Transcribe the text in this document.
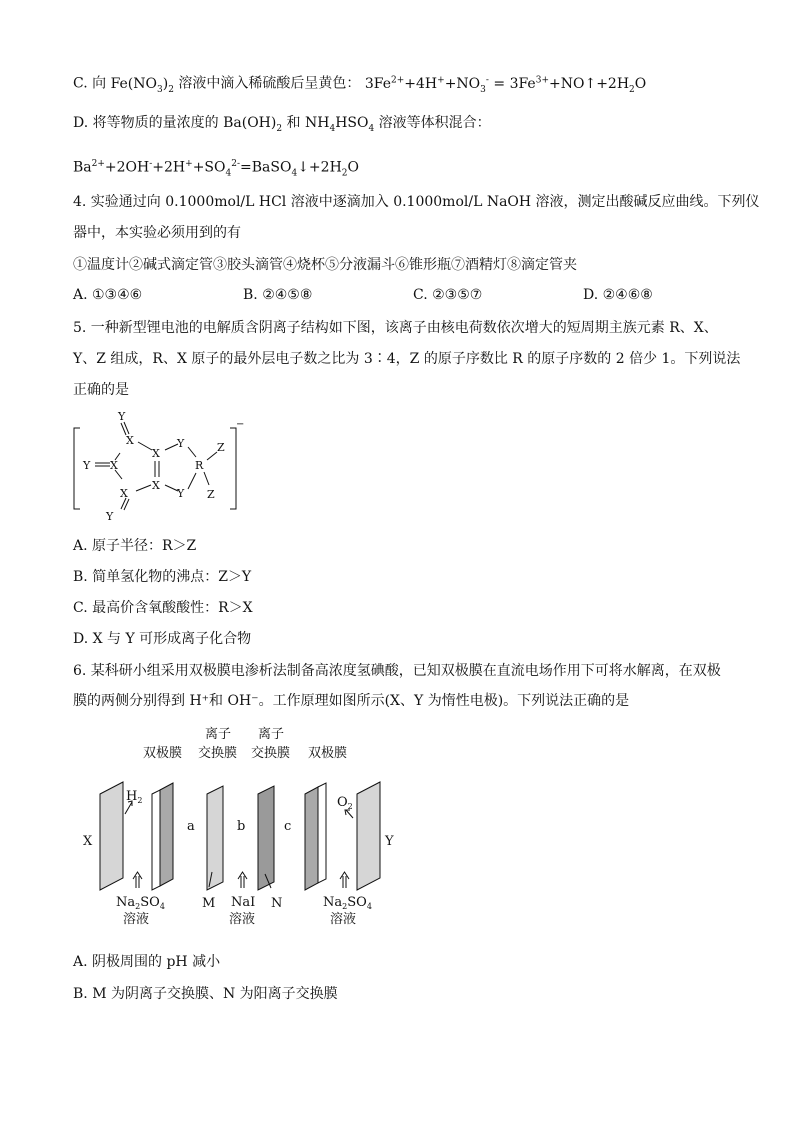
C. 向 $Fe(NO_3)_2$ 溶液中滴入稀硫酸后呈黄色： $3Fe^{2+}+4H^++NO_3^-$ = $3Fe^{3+}+NO↑+2H_2O$
D. 将等物质的量浓度的 $Ba(OH)_2$ 和 $NH_4HSO_4$ 溶液等体积混合：
$Ba^{2+}+2OH^-+2H^++SO_4^{2-}=BaSO_4↓+2H_2O$
4. 实验通过向 0.1000mol/L HCl 溶液中逐滴加入 0.1000mol/L NaOH 溶液，测定出酸碱反应曲线。下列仪
器中，本实验必须用到的有
①温度计②碱式滴定管③胶头滴管④烧杯⑤分液漏斗⑥锥形瓶⑦酒精灯⑧滴定管夹
A. ①③④⑥	B. ②④⑤⑧	C. ②③⑤⑦	D. ②④⑥⑧
5. 一种新型锂电池的电解质含阴离子结构如下图，该离子由核电荷数依次增大的短周期主族元素 R、X、
Y、Z 组成，R、X 原子的最外层电子数之比为 3∶4，Z 的原子序数比 R 的原子序数的 2 倍少 1。下列说法
正确的是
Y
X
Y X
X
X
X
Y
Y
Y
R
Z
Z
−
A. 原子半径：R＞Z
B. 简单氢化物的沸点：Z＞Y
C. 最高价含氧酸酸性：R＞X
D. X 与 Y 可形成离子化合物
6. 某科研小组采用双极膜电渗析法制备高浓度氢碘酸，已知双极膜在直流电场作用下可将水解离，在双极
膜的两侧分别得到 H⁺和 OH⁻。工作原理如图所示(X、Y 为惰性电极)。下列说法正确的是
双极膜
离子
交换膜
离子
交换膜 双极膜
X	Y
a	b	c
$H_2$	$O_2$
M	N
$Na_2SO_4$
溶液
NaI
溶液
$Na_2SO_4$
溶液
A. 阴极周围的 pH 减小
B. M 为阴离子交换膜、N 为阳离子交换膜
